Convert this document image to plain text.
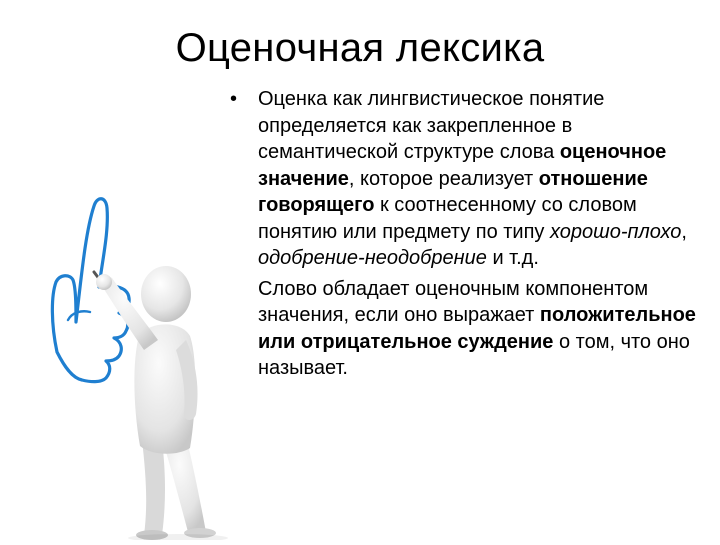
Оценочная лексика

• Оценка как лингвистическое понятие определяется как закрепленное в семантической структуре слова оценочное значение, которое реализует отношение говорящего к соотнесенному со словом понятию или предмету по типу хорошо-плохо, одобрение-неодобрение и т.д.

Слово обладает оценочным компонентом значения, если оно выражает положительное или отрицательное суждение о том, что оно называет.
